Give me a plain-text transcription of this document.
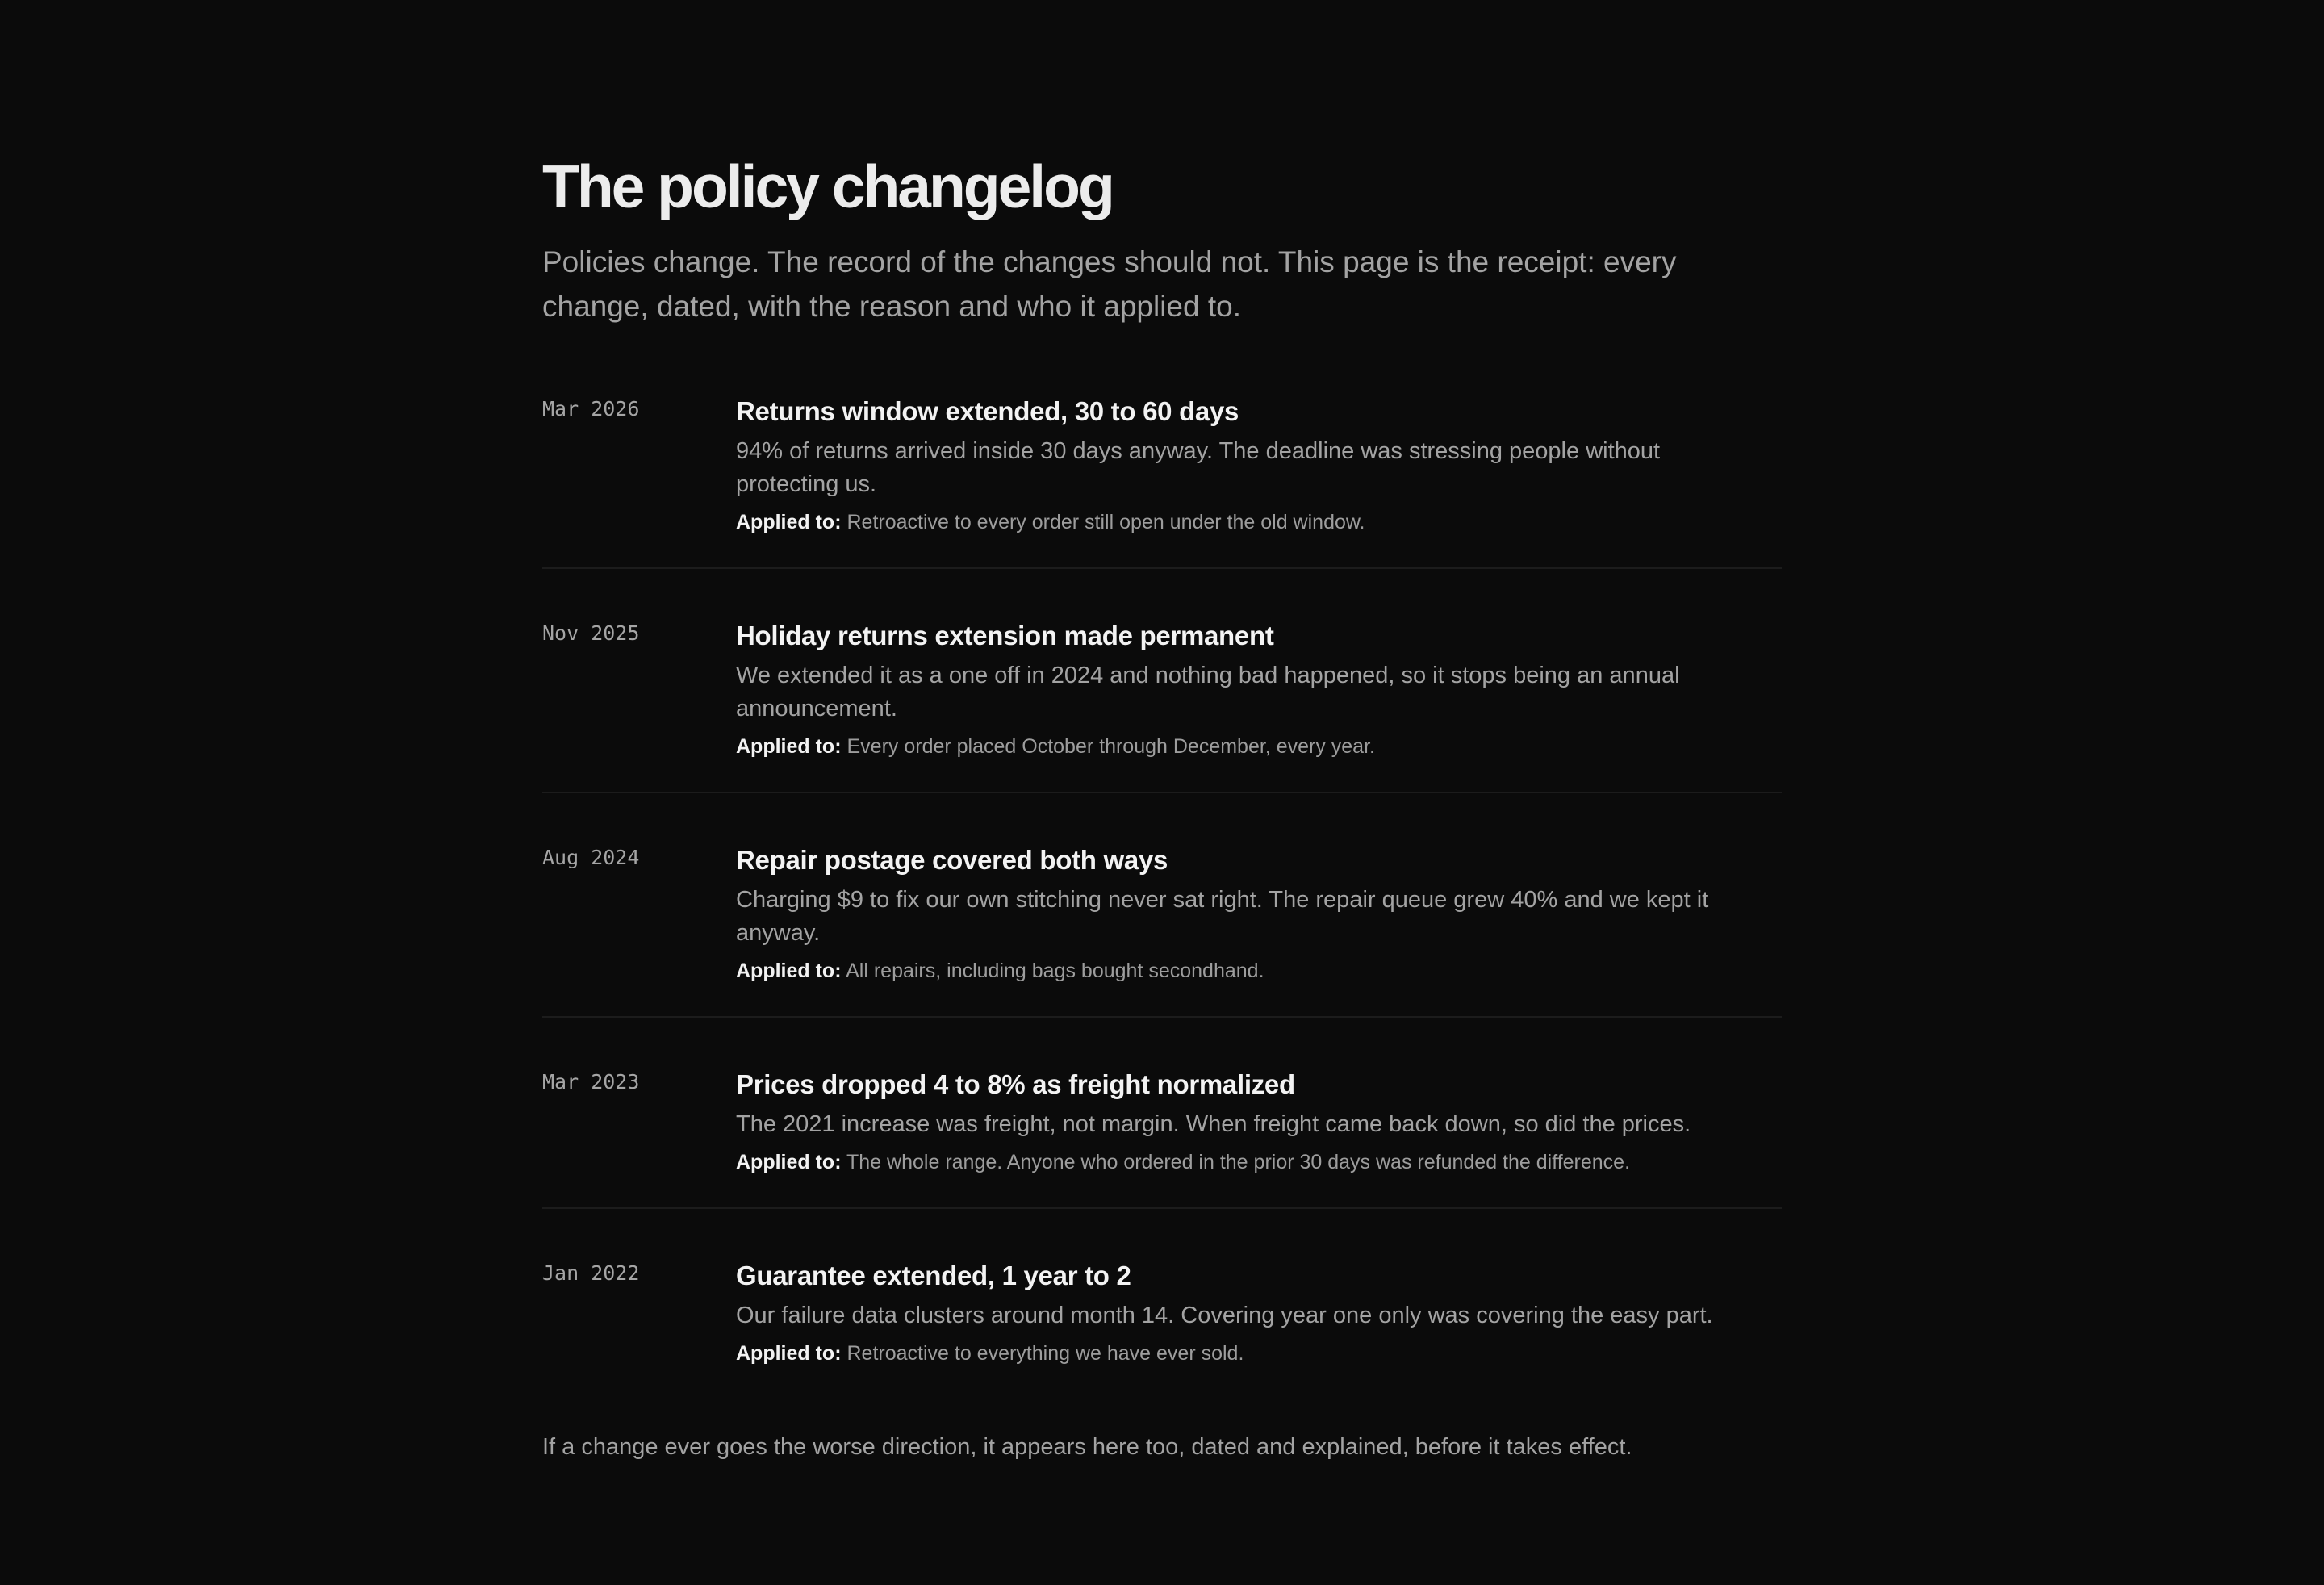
The policy changelog

Policies change. The record of the changes should not. This page is the receipt: every change, dated, with the reason and who it applied to.

Mar 2026	Returns window extended, 30 to 60 days

94% of returns arrived inside 30 days anyway. The deadline was stressing people without protecting us.

Applied to: Retroactive to every order still open under the old window.

Nov 2025	Holiday returns extension made permanent

We extended it as a one off in 2024 and nothing bad happened, so it stops being an annual announcement.

Applied to: Every order placed October through December, every year.

Aug 2024	Repair postage covered both ways

Charging $9 to fix our own stitching never sat right. The repair queue grew 40% and we kept it anyway.

Applied to: All repairs, including bags bought secondhand.

Mar 2023	Prices dropped 4 to 8% as freight normalized

The 2021 increase was freight, not margin. When freight came back down, so did the prices.

Applied to: The whole range. Anyone who ordered in the prior 30 days was refunded the difference.

Jan 2022	Guarantee extended, 1 year to 2

Our failure data clusters around month 14. Covering year one only was covering the easy part.

Applied to: Retroactive to everything we have ever sold.

If a change ever goes the worse direction, it appears here too, dated and explained, before it takes effect.
